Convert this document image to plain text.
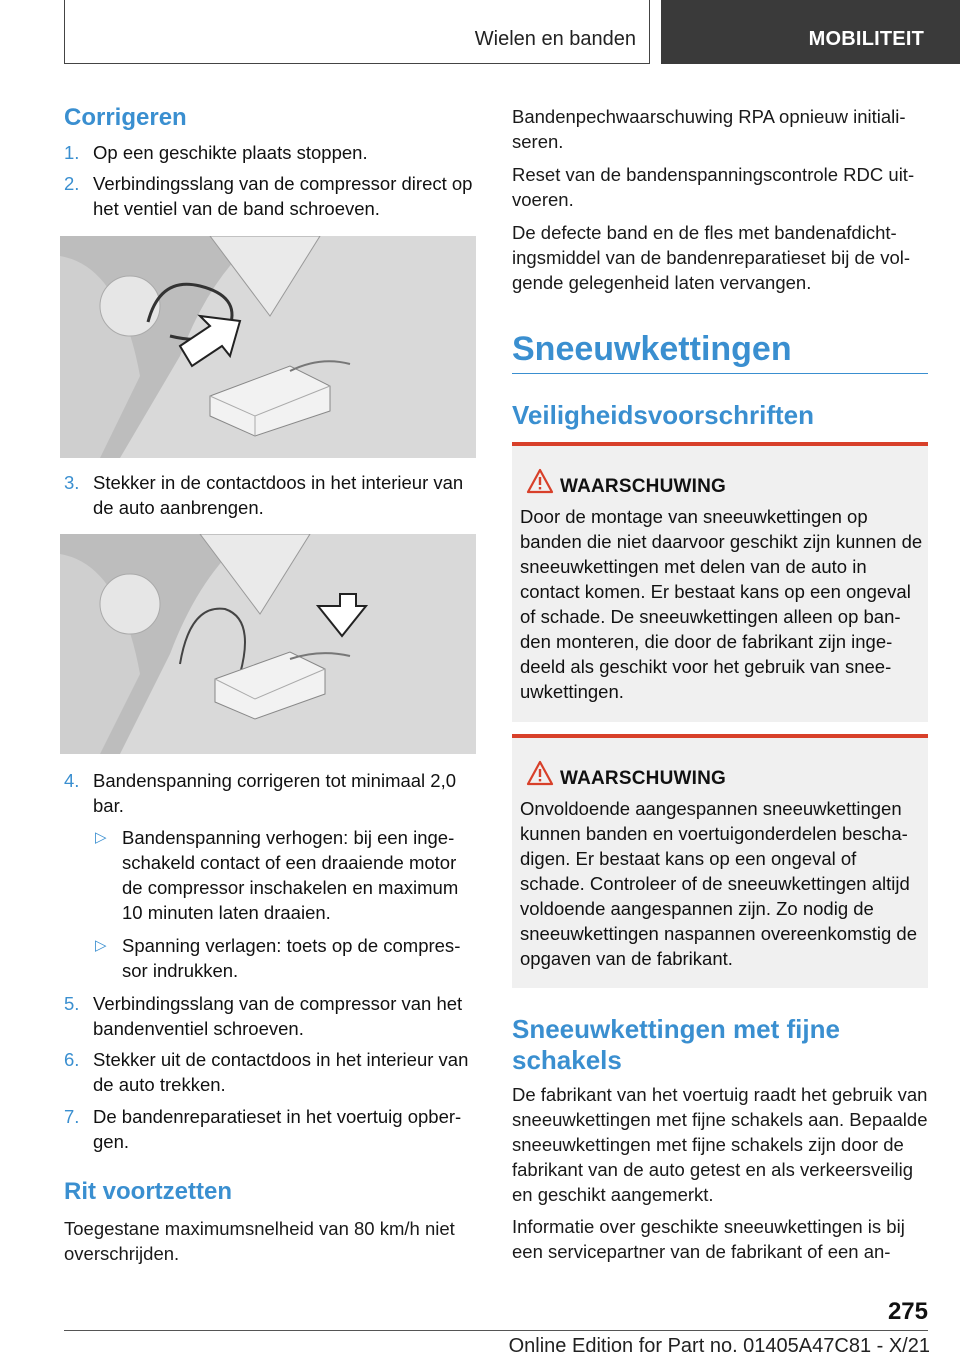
Wielen en banden	MOBILITEIT
Corrigeren
1. Op een geschikte plaats stoppen.
2. Verbindingsslang van de compressor direct op het ventiel van de band schroeven.
3. Stekker in de contactdoos in het interieur van de auto aanbrengen.
4. Bandenspanning corrigeren tot minimaal 2,0 bar.
▷ Bandenspanning verhogen: bij een ingeschakeld contact of een draaiende motor de compressor inschakelen en maximum 10 minuten laten draaien.
▷ Spanning verlagen: toets op de compressor indrukken.
5. Verbindingsslang van de compressor van het bandenventiel schroeven.
6. Stekker uit de contactdoos in het interieur van de auto trekken.
7. De bandenreparatieset in het voertuig opbergen.
Rit voortzetten
Toegestane maximumsnelheid van 80 km/h niet overschrijden.
Bandenpechwaarschuwing RPA opnieuw initialiseren.
Reset van de bandenspanningscontrole RDC uitvoeren.
De defecte band en de fles met bandenafdichtingsmiddel van de bandenreparatieset bij de volgende gelegenheid laten vervangen.
Sneeuwkettingen
Veiligheidsvoorschriften
WAARSCHUWING
Door de montage van sneeuwkettingen op banden die niet daarvoor geschikt zijn kunnen de sneeuwkettingen met delen van de auto in contact komen. Er bestaat kans op een ongeval of schade. De sneeuwkettingen alleen op banden monteren, die door de fabrikant zijn ingedeeld als geschikt voor het gebruik van sneeuwkettingen.
WAARSCHUWING
Onvoldoende aangespannen sneeuwkettingen kunnen banden en voertuigonderdelen beschadigen. Er bestaat kans op een ongeval of schade. Controleer of de sneeuwkettingen altijd voldoende aangespannen zijn. Zo nodig de sneeuwkettingen naspannen overeenkomstig de opgaven van de fabrikant.
Sneeuwkettingen met fijne schakels
De fabrikant van het voertuig raadt het gebruik van sneeuwkettingen met fijne schakels aan. Bepaalde sneeuwkettingen met fijne schakels zijn door de fabrikant van de auto getest en als verkeersveilig en geschikt aangemerkt.
Informatie over geschikte sneeuwkettingen is bij een servicepartner van de fabrikant of een an-
275
Online Edition for Part no. 01405A47C81 - X/21
